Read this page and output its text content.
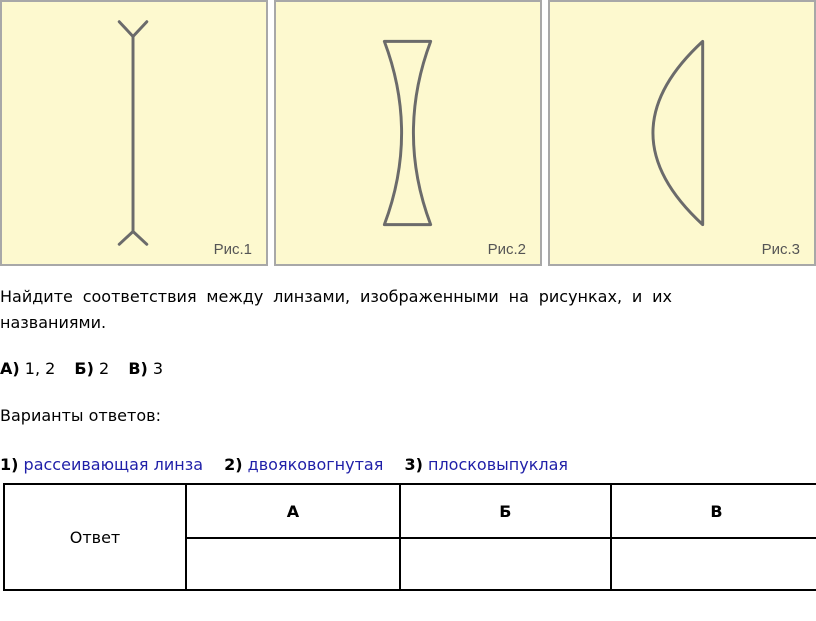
Рис.1	Рис.2	Рис.3
Найдите соответствия между линзами, изображенными на рисунках, и их
названиями.
А) 1, 2 Б) 2 В) 3
Варианты ответов:
1) рассеивающая линза 2) двояковогнутая 3) плосковыпуклая
Ответ	А	Б	В
